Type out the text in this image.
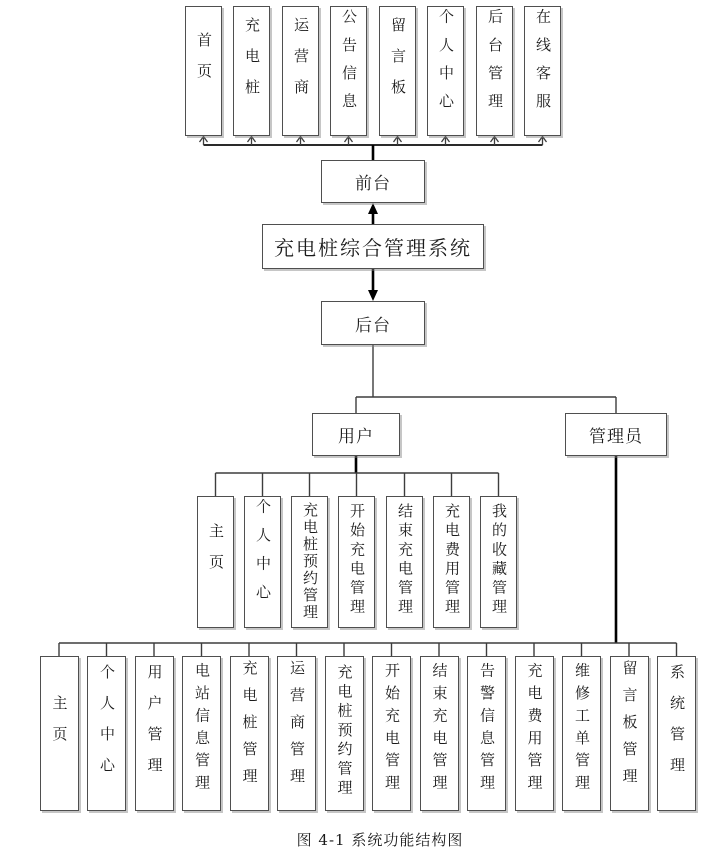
首页 充电桩 运营商 公告信息 留言板 个人中心 后台管理 在线客服
前台
充电桩综合管理系统
后台
用户	管理员
主页 个人中心 充电桩预约管理 开始充电管理 结束充电管理 充电费用管理 我的收藏管理
主页 个人中心 用户管理 电站信息管理 充电桩管理 运营商管理 充电桩预约管理 开始充电管理 结束充电管理 告警信息管理 充电费用管理 维修工单管理 留言板管理 系统管理
图 4-1 系统功能结构图
